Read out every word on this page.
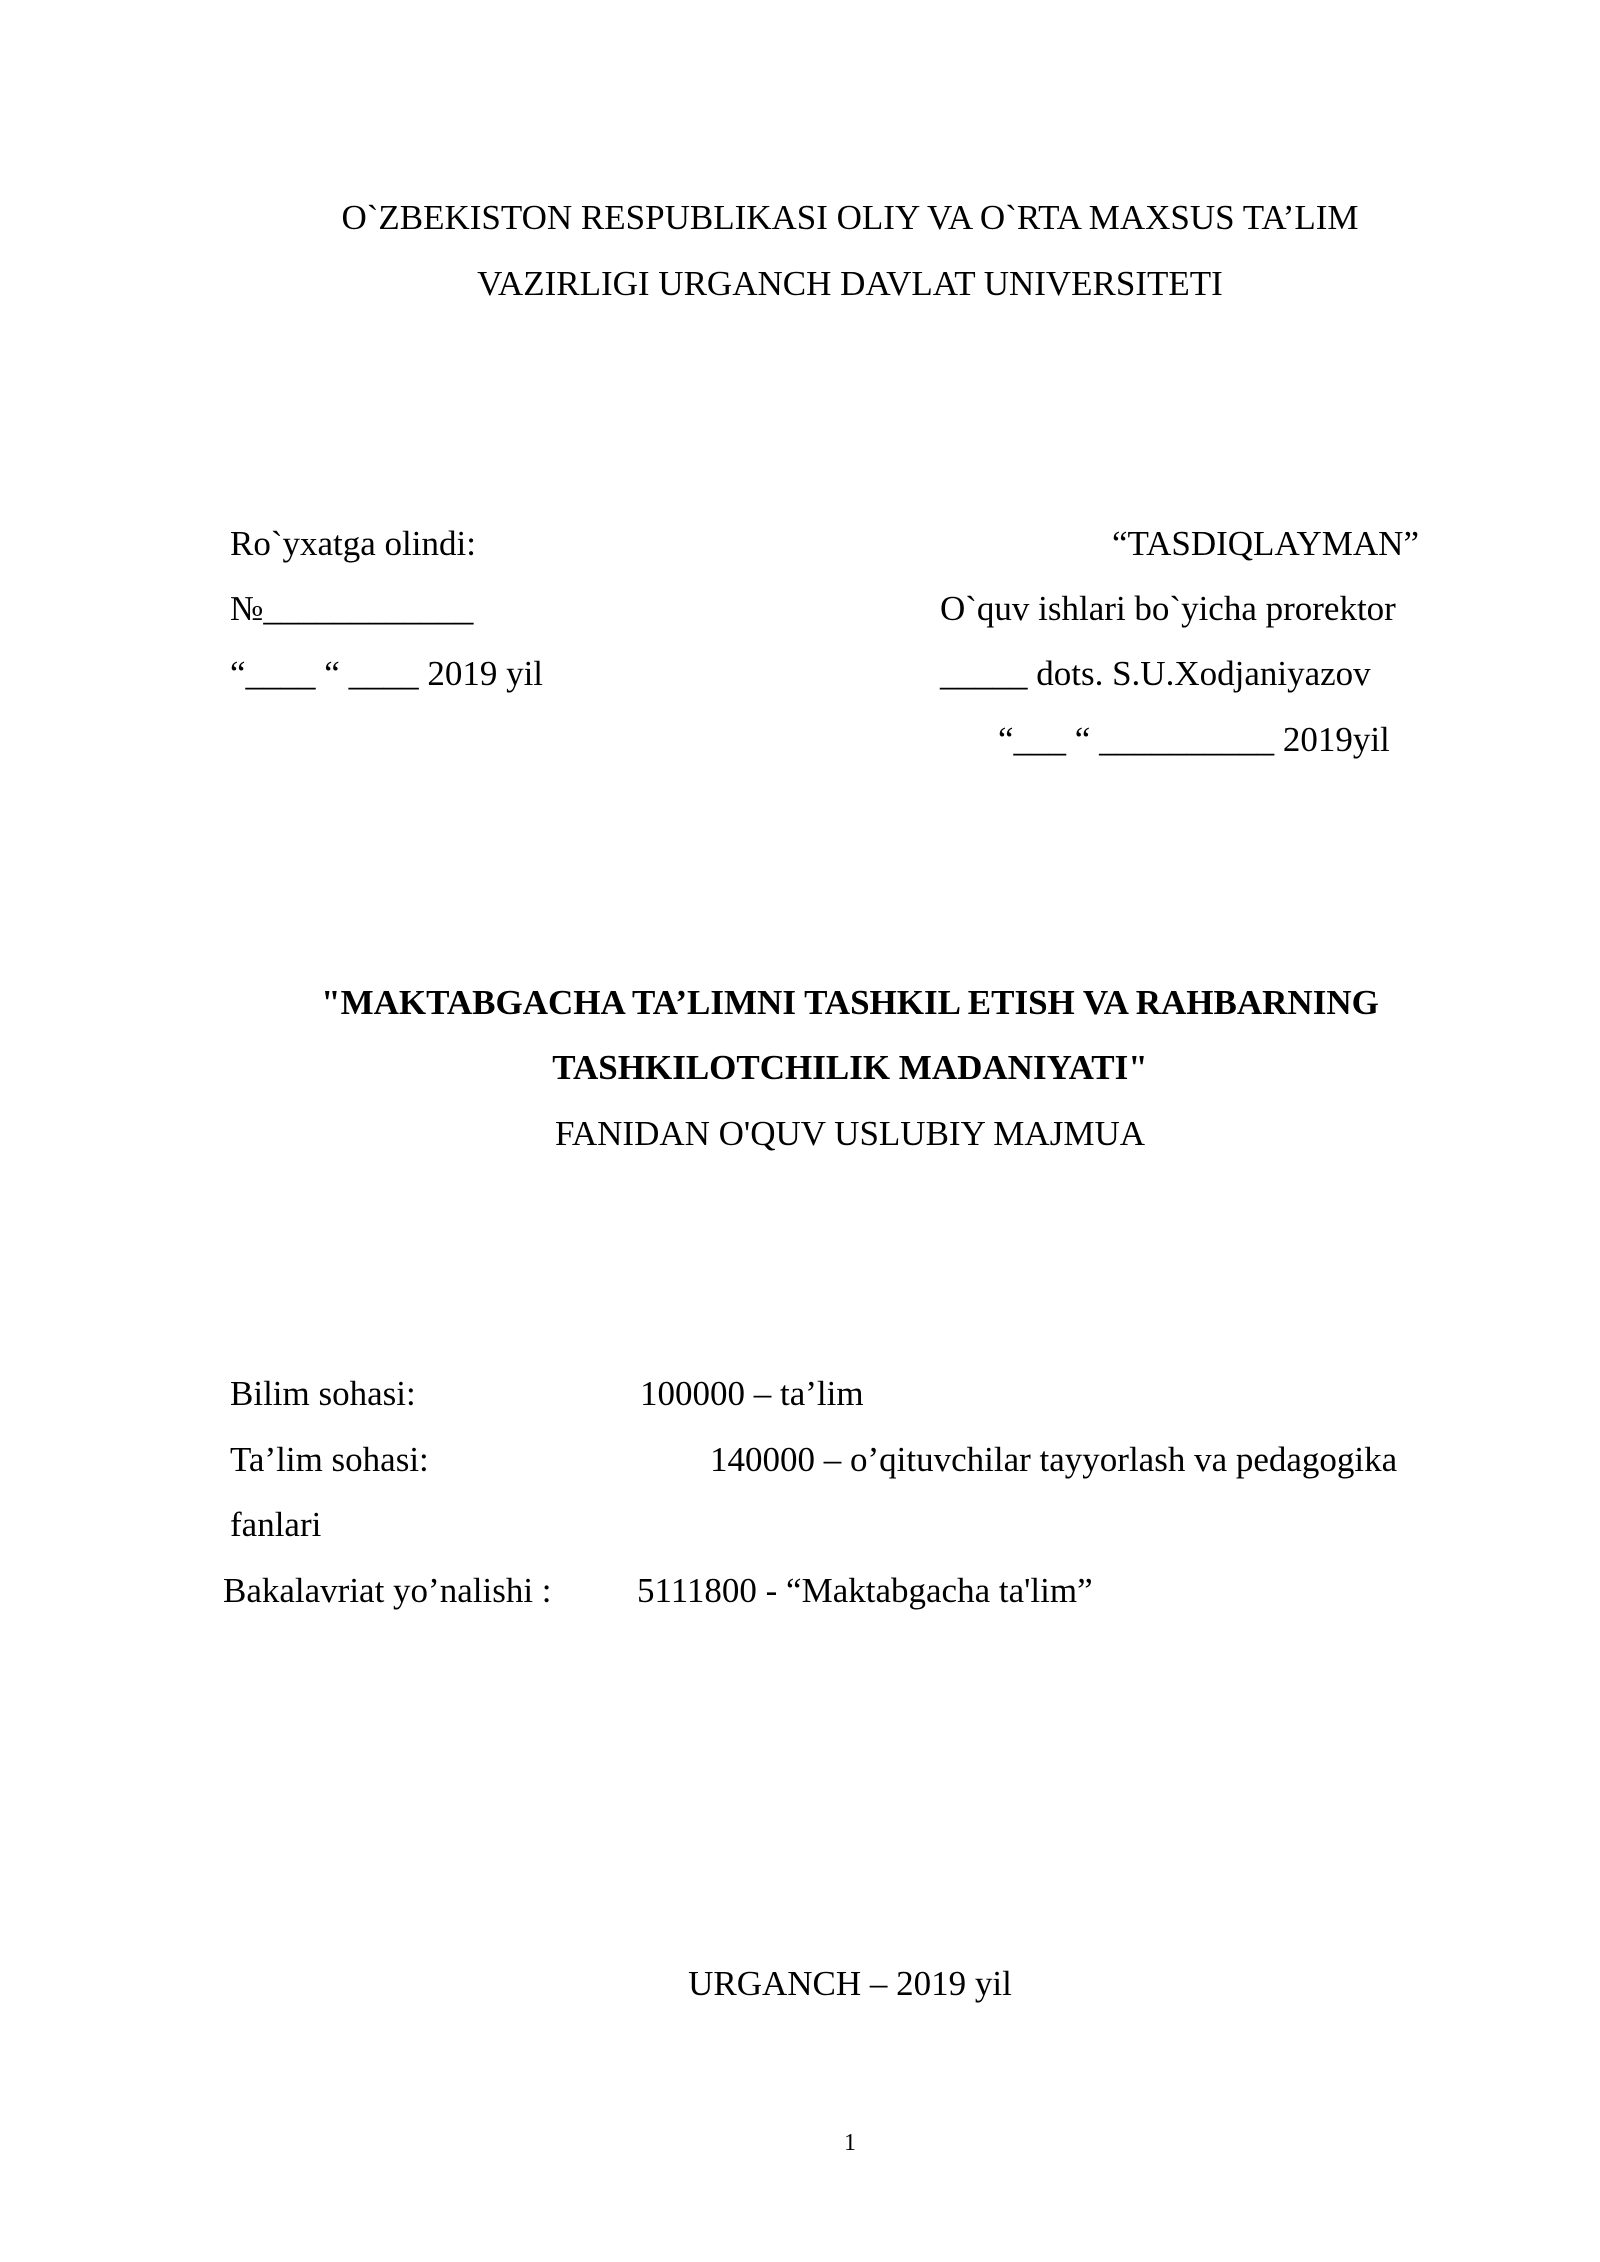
O`ZBEKISTON RESPUBLIKASI OLIY VA O`RTA MAXSUS TA’LIM
VAZIRLIGI URGANCH DAVLAT UNIVERSITETI
Ro`yxatga olindi:
№____________
“____ “ ____ 2019 yil
“TASDIQLAYMAN”
O`quv ishlari bo`yicha prorektor
_____ dots. S.U.Xodjaniyazov
“___ “ __________ 2019yil
"MAKTABGACHA TA’LIMNI TASHKIL ETISH VA RAHBARNING
TASHKILOTCHILIK MADANIYATI"
FANIDAN O'QUV USLUBIY MAJMUA
Bilim sohasi:	100000 – ta’lim
Ta’lim sohasi:	140000 – o’qituvchilar tayyorlash va pedagogika
fanlari
Bakalavriat yo’nalishi : 5111800 - “Maktabgacha ta'lim”
URGANCH – 2019 yil
1
